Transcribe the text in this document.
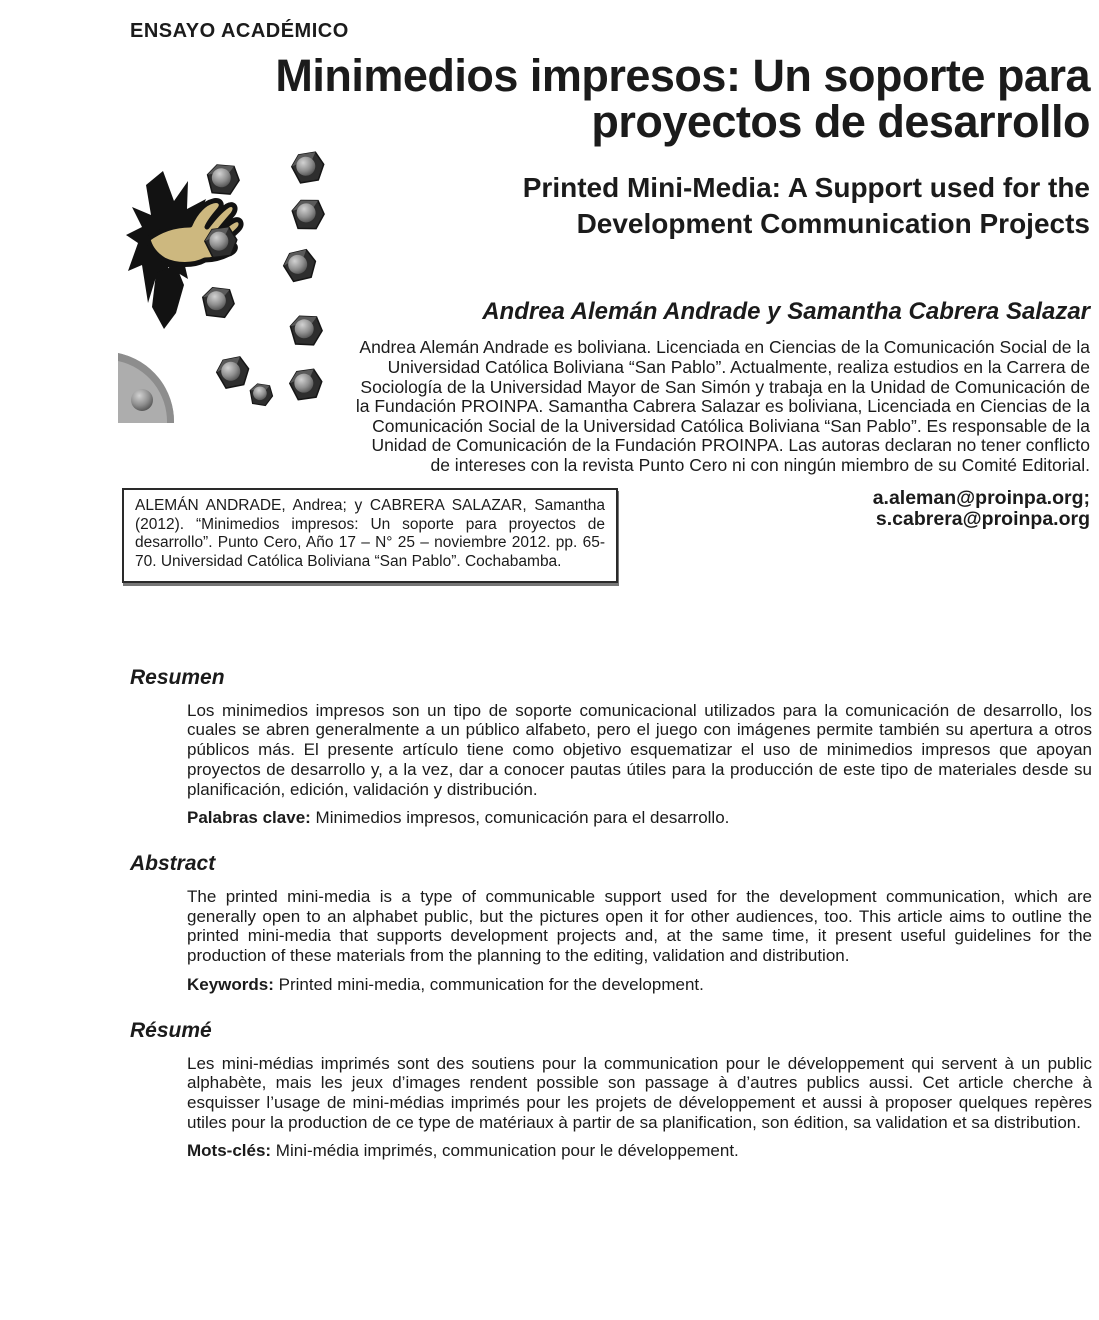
ENSAYO ACADÉMICO
Minimedios impresos: Un soporte para proyectos de desarrollo
Printed Mini-Media: A Support used for the Development Communication Projects
Andrea Alemán Andrade y Samantha Cabrera Salazar

Andrea Alemán Andrade es boliviana. Licenciada en Ciencias de la Comunicación Social de la Universidad Católica Boliviana “San Pablo”. Actualmente, realiza estudios en la Carrera de Sociología de la Universidad Mayor de San Simón y trabaja en la Unidad de Comunicación de la Fundación PROINPA. Samantha Cabrera Salazar es boliviana, Licenciada en Ciencias de la Comunicación Social de la Universidad Católica Boliviana “San Pablo”. Es responsable de la Unidad de Comunicación de la Fundación PROINPA. Las autoras declaran no tener conflicto de intereses con la revista Punto Cero ni con ningún miembro de su Comité Editorial.

ALEMÁN ANDRADE, Andrea; y CABRERA SALAZAR, Samantha (2012). “Minimedios impresos: Un soporte para proyectos de desarrollo”. Punto Cero, Año 17 – N° 25 – noviembre 2012. pp. 65-70. Universidad Católica Boliviana “San Pablo”. Cochabamba.
a.aleman@proinpa.org;
s.cabrera@proinpa.org
Resumen

Los minimedios impresos son un tipo de soporte comunicacional utilizados para la comunicación de desarrollo, los cuales se abren generalmente a un público alfabeto, pero el juego con imágenes permite también su apertura a otros públicos más. El presente artículo tiene como objetivo esquematizar el uso de minimedios impresos que apoyan proyectos de desarrollo y, a la vez, dar a conocer pautas útiles para la producción de este tipo de materiales desde su planificación, edición, validación y distribución.

Palabras clave: Minimedios impresos, comunicación para el desarrollo.

Abstract

The printed mini-media is a type of communicable support used for the development communication, which are generally open to an alphabet public, but the pictures open it for other audiences, too. This article aims to outline the printed mini-media that supports development projects and, at the same time, it present useful guidelines for the production of these materials from the planning to the editing, validation and distribution.

Keywords: Printed mini-media, communication for the development.

Résumé

Les mini-médias imprimés sont des soutiens pour la communication pour le développement qui servent à un public alphabète, mais les jeux d’images rendent possible son passage à d’autres publics aussi. Cet article cherche à esquisser l’usage de mini-médias imprimés pour les projets de développement et aussi à proposer quelques repères utiles pour la production de ce type de matériaux à partir de sa planification, son édition, sa validation et sa distribution.

Mots-clés: Mini-média imprimés, communication pour le développement.
